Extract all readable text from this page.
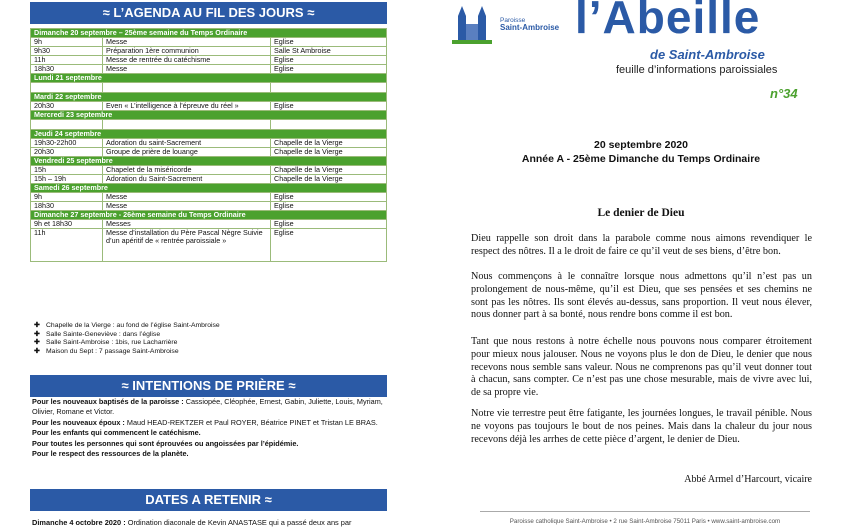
≈ L’AGENDA AU FIL DES JOURS ≈
Dimanche 20 septembre – 25ème semaine du Temps Ordinaire		
9h	Messe	Eglise
9h30	Préparation 1ère communion	Salle St Ambroise
11h	Messe de rentrée du catéchisme	Eglise
18h30	Messe	Eglise
Lundi 21 septembre		

Mardi 22 septembre		
20h30	Even « L’intelligence à l’épreuve du réel »	Eglise
Mercredi 23 septembre		

Jeudi 24 septembre		
19h30-22h00	Adoration du saint-Sacrement	Chapelle de la Vierge
20h30	Groupe de prière de louange	Chapelle de la Vierge
Vendredi 25 septembre		
15h	Chapelet de la miséricorde	Chapelle de la Vierge
15h – 19h	Adoration du Saint-Sacrement	Chapelle de la Vierge
Samedi 26 septembre		
9h	Messe	Eglise
18h30	Messe	Eglise
Dimanche 27 septembre - 26ème semaine du Temps Ordinaire		
9h et 18h30	Messes	Eglise
11h	Messe d’installation du Père Pascal Nègre Suivie d’un apéritif de « rentrée paroissiale »	Eglise
✚ Chapelle de la Vierge : au fond de l’église Saint-Ambroise
✚ Salle Sainte-Geneviève : dans l’église
✚ Salle Saint-Ambroise : 1bis, rue Lacharrière
✚ Maison du Sept : 7 passage Saint-Ambroise
≈ INTENTIONS DE PRIÈRE ≈
Pour les nouveaux baptisés de la paroisse : Cassiopée, Cléophée, Ernest, Gabin, Juliette, Louis, Myriam, Olivier, Romane et Victor.
Pour les nouveaux époux : Maud HEAD-REKTZER et Paul ROYER, Béatrice PINET et Tristan LE BRAS.
Pour les enfants qui commencent le catéchisme.
Pour toutes les personnes qui sont éprouvées ou angoissées par l’épidémie.
Pour le respect des ressources de la planète.
DATES A RETENIR ≈
Dimanche 4 octobre 2020 : Ordination diaconale de Kevin ANASTASE qui a passé deux ans par
Paroisse
Saint-Ambroise l’Abeille
de Saint-Ambroise
feuille d’informations paroissiales
n°34
20 septembre 2020
Année A - 25ème Dimanche du Temps Ordinaire
Le denier de Dieu
Dieu rappelle son droit dans la parabole comme nous aimons revendiquer le respect des nôtres. Il a le droit de faire ce qu’il veut de ses biens, d’être bon.
Nous commençons à le connaître lorsque nous admettons qu’il n’est pas un prolongement de nous-même, qu’il est Dieu, que ses pensées et ses chemins ne sont pas les nôtres. Ils sont élevés au-dessus, sans proportion. Il veut nous élever, nous donner part à sa bonté, nous rendre bons comme il est bon.
Tant que nous restons à notre échelle nous pouvons nous comparer étroitement pour mieux nous jalouser. Nous ne voyons plus le don de Dieu, le denier que nous recevons nous semble sans valeur. Nous ne comprenons pas qu’il veut donner tout à chacun, sans compter. Ce n’est pas une chose mesurable, mais de vivre avec lui, de sa propre vie.
Notre vie terrestre peut être fatigante, les journées longues, le travail pénible. Nous ne voyons pas toujours le bout de nos peines. Mais dans la chaleur du jour nous recevons déjà les arrhes de cette pièce d’argent, le denier de Dieu.
Abbé Armel d’Harcourt, vicaire
Paroisse catholique Saint-Ambroise • 2 rue Saint-Ambroise 75011 Paris • www.saint-ambroise.com
